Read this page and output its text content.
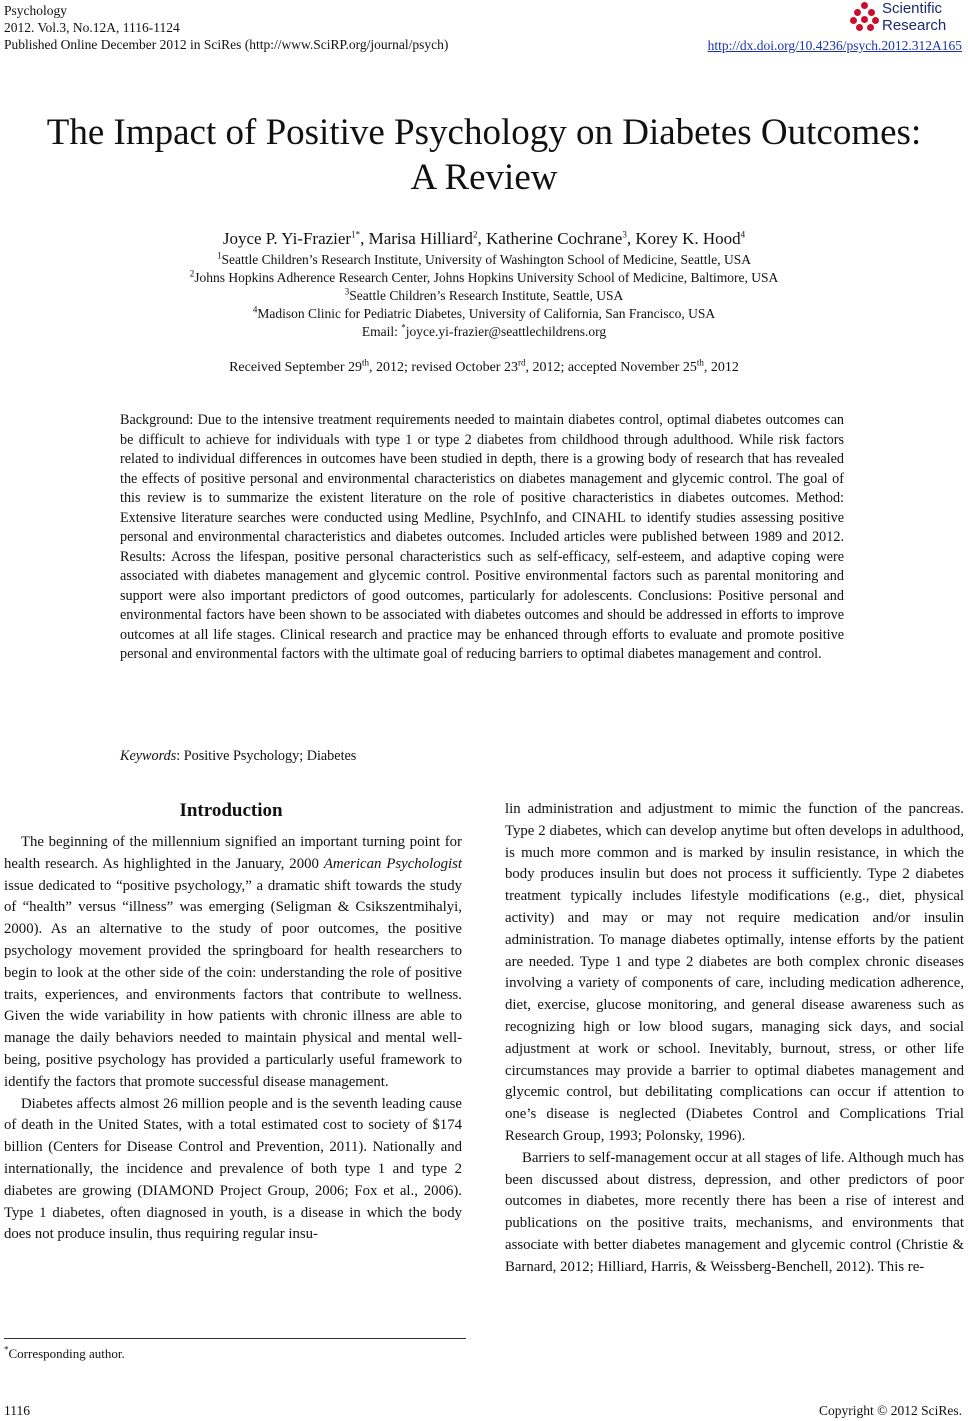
Psychology
2012. Vol.3, No.12A, 1116-1124
Published Online December 2012 in SciRes (http://www.SciRP.org/journal/psych)
Scientific
Research
http://dx.doi.org/10.4236/psych.2012.312A165
The Impact of Positive Psychology on Diabetes Outcomes:
A Review
Joyce P. Yi-Frazier$^{1*}$, Marisa Hilliard$^2$, Katherine Cochrane$^3$, Korey K. Hood$^4$
$^1$Seattle Children’s Research Institute, University of Washington School of Medicine, Seattle, USA
$^2$Johns Hopkins Adherence Research Center, Johns Hopkins University School of Medicine, Baltimore, USA
$^3$Seattle Children’s Research Institute, Seattle, USA
$^4$Madison Clinic for Pediatric Diabetes, University of California, San Francisco, USA
Email: *joyce.yi-frazier@seattlechildrens.org
Received September 29th, 2012; revised October 23rd, 2012; accepted November 25th, 2012
Background: Due to the intensive treatment requirements needed to maintain diabetes control, optimal diabetes outcomes can be difficult to achieve for individuals with type 1 or type 2 diabetes from childhood through adulthood. While risk factors related to individual differences in outcomes have been studied in depth, there is a growing body of research that has revealed the effects of positive personal and environmental characteristics on diabetes management and glycemic control. The goal of this review is to summarize the existent literature on the role of positive characteristics in diabetes outcomes. Method: Extensive literature searches were conducted using Medline, PsychInfo, and CINAHL to identify studies assessing positive personal and environmental characteristics and diabetes outcomes. Included articles were published between 1989 and 2012. Results: Across the lifespan, positive personal characteristics such as self-efficacy, self-esteem, and adaptive coping were associated with diabetes management and glycemic control. Positive environmental factors such as parental monitoring and support were also important predictors of good outcomes, particularly for adolescents. Conclusions: Positive personal and environmental factors have been shown to be associated with diabetes outcomes and should be addressed in efforts to improve outcomes at all life stages. Clinical research and practice may be enhanced through efforts to evaluate and promote positive personal and environmental factors with the ultimate goal of reducing barriers to optimal diabetes management and control.
Keywords: Positive Psychology; Diabetes
Introduction

The beginning of the millennium signified an important turning point for health research. As highlighted in the January, 2000 American Psychologist issue dedicated to “positive psychology,” a dramatic shift towards the study of “health” versus “illness” was emerging (Seligman & Csikszentmihalyi, 2000). As an alternative to the study of poor outcomes, the positive psychology movement provided the springboard for health researchers to begin to look at the other side of the coin: understanding the role of positive traits, experiences, and environments factors that contribute to wellness. Given the wide variability in how patients with chronic illness are able to manage the daily behaviors needed to maintain physical and mental well-being, positive psychology has provided a particularly useful framework to identify the factors that promote successful disease management.

Diabetes affects almost 26 million people and is the seventh leading cause of death in the United States, with a total estimated cost to society of $174 billion (Centers for Disease Control and Prevention, 2011). Nationally and internationally, the incidence and prevalence of both type 1 and type 2 diabetes are growing (DIAMOND Project Group, 2006; Fox et al., 2006). Type 1 diabetes, often diagnosed in youth, is a disease in which the body does not produce insulin, thus requiring regular insu-

lin administration and adjustment to mimic the function of the pancreas. Type 2 diabetes, which can develop anytime but often develops in adulthood, is much more common and is marked by insulin resistance, in which the body produces insulin but does not process it sufficiently. Type 2 diabetes treatment typically includes lifestyle modifications (e.g., diet, physical activity) and may or may not require medication and/or insulin administration. To manage diabetes optimally, intense efforts by the patient are needed. Type 1 and type 2 diabetes are both complex chronic diseases involving a variety of components of care, including medication adherence, diet, exercise, glucose monitoring, and general disease awareness such as recognizing high or low blood sugars, managing sick days, and social adjustment at work or school. Inevitably, burnout, stress, or other life circumstances may provide a barrier to optimal diabetes management and glycemic control, but debilitating complications can occur if attention to one’s disease is neglected (Diabetes Control and Complications Trial Research Group, 1993; Polonsky, 1996).

Barriers to self-management occur at all stages of life. Although much has been discussed about distress, depression, and other predictors of poor outcomes in diabetes, more recently there has been a rise of interest and publications on the positive traits, mechanisms, and environments that associate with better diabetes management and glycemic control (Christie & Barnard, 2012; Hilliard, Harris, & Weissberg-Benchell, 2012). This re-

*Corresponding author.
1116	Copyright © 2012 SciRes.
